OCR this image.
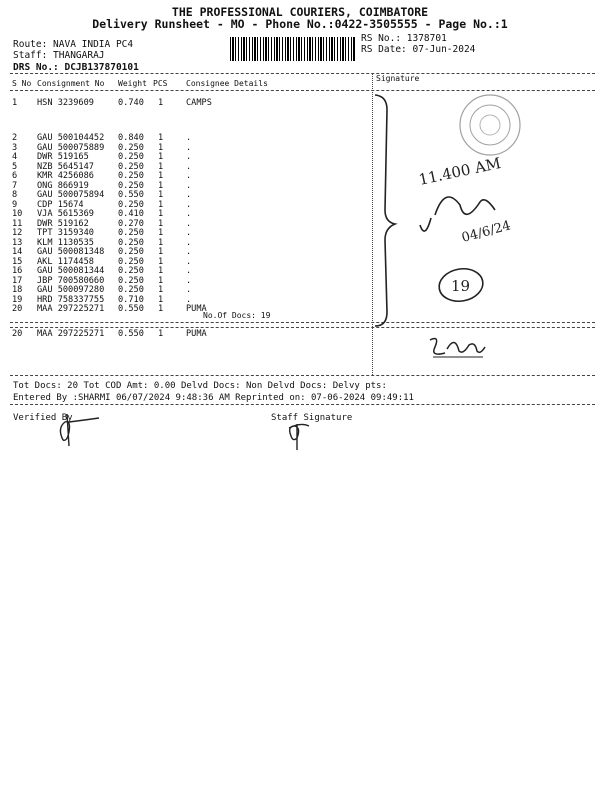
THE PROFESSIONAL COURIERS, COIMBATORE
Delivery Runsheet - MO - Phone No.:0422-3505555 - Page No.:1
Route: NAVA INDIA PC4
Staff: THANGARAJ
DRS No.: DCJB137870101
RS No.: 1378701
RS Date: 07-Jun-2024
S No Consignment No Weight PCS Consignee Details
Signature
1 HSN 3239609	0.740 1	CAMPS
2 GAU 500104452 0.840 1	.
3 GAU 500075889 0.250 1	.
4 DWR 519165	0.250 1	.
5 NZB 5645147	0.250 1	.
6 KMR 4256086	0.250 1	.
7 ONG 866919	0.250 1	.
8 GAU 500075894 0.550 1	.
9 CDP 15674	0.250 1	.
10 VJA 5615369	0.410 1	.
11 DWR 519162	0.270 1	.
12 TPT 3159340	0.250 1	.
13 KLM 1130535	0.250 1	.
14 GAU 500081348 0.250 1	.
15 AKL 1174458	0.250 1	.
16 GAU 500081344 0.250 1	.
17 JBP 700580660 0.250 1	.
18 GAU 500097280 0.250 1	.
19 HRD 758337755 0.710 1	.
20 MAA 297225271 0.550 1	PUMA
No.Of Docs: 19
20 MAA 297225271 0.550 1	PUMA
11.400 AM
04/6/24
19
Tot Docs: 20 Tot COD Amt: 0.00 Delvd Docs: Non Delvd Docs: Delvy pts:
Entered By :SHARMI 06/07/2024 9:48:36 AM Reprinted on: 07-06-2024 09:49:11
Verified By	Staff Signature
